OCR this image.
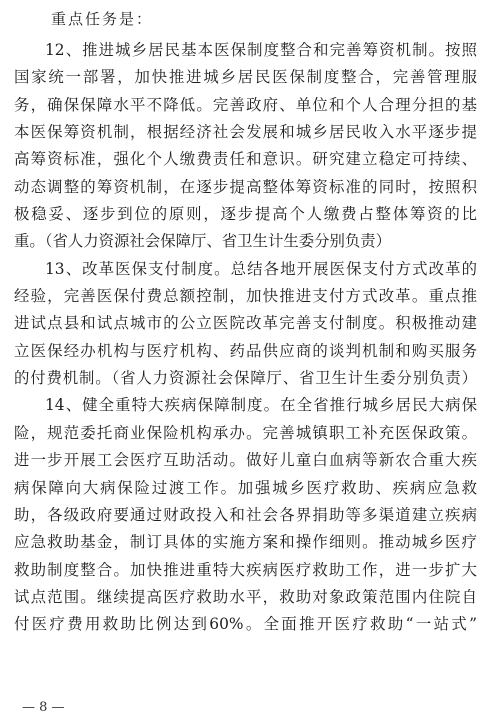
重点任务是：
12、推进城乡居民基本医保制度整合和完善筹资机制。按照
国家统一部署，加快推进城乡居民医保制度整合，完善管理服
务，确保保障水平不降低。完善政府、单位和个人合理分担的基
本医保筹资机制，根据经济社会发展和城乡居民收入水平逐步提
高筹资标准，强化个人缴费责任和意识。研究建立稳定可持续、
动态调整的筹资机制，在逐步提高整体筹资标准的同时，按照积
极稳妥、逐步到位的原则，逐步提高个人缴费占整体筹资的比
重。（省人力资源社会保障厅、省卫生计生委分别负责）
13、改革医保支付制度。总结各地开展医保支付方式改革的
经验，完善医保付费总额控制，加快推进支付方式改革。重点推
进试点县和试点城市的公立医院改革完善支付制度。积极推动建
立医保经办机构与医疗机构、药品供应商的谈判机制和购买服务
的付费机制。（省人力资源社会保障厅、省卫生计生委分别负责）
14、健全重特大疾病保障制度。在全省推行城乡居民大病保
险，规范委托商业保险机构承办。完善城镇职工补充医保政策。
进一步开展工会医疗互助活动。做好儿童白血病等新农合重大疾
病保障向大病保险过渡工作。加强城乡医疗救助、疾病应急救
助，各级政府要通过财政投入和社会各界捐助等多渠道建立疾病
应急救助基金，制订具体的实施方案和操作细则。推动城乡医疗
救助制度整合。加快推进重特大疾病医疗救助工作，进一步扩大
试点范围。继续提高医疗救助水平，救助对象政策范围内住院自
付医疗费用救助比例达到60%。全面推开医疗救助“一站式”
— 8 —
